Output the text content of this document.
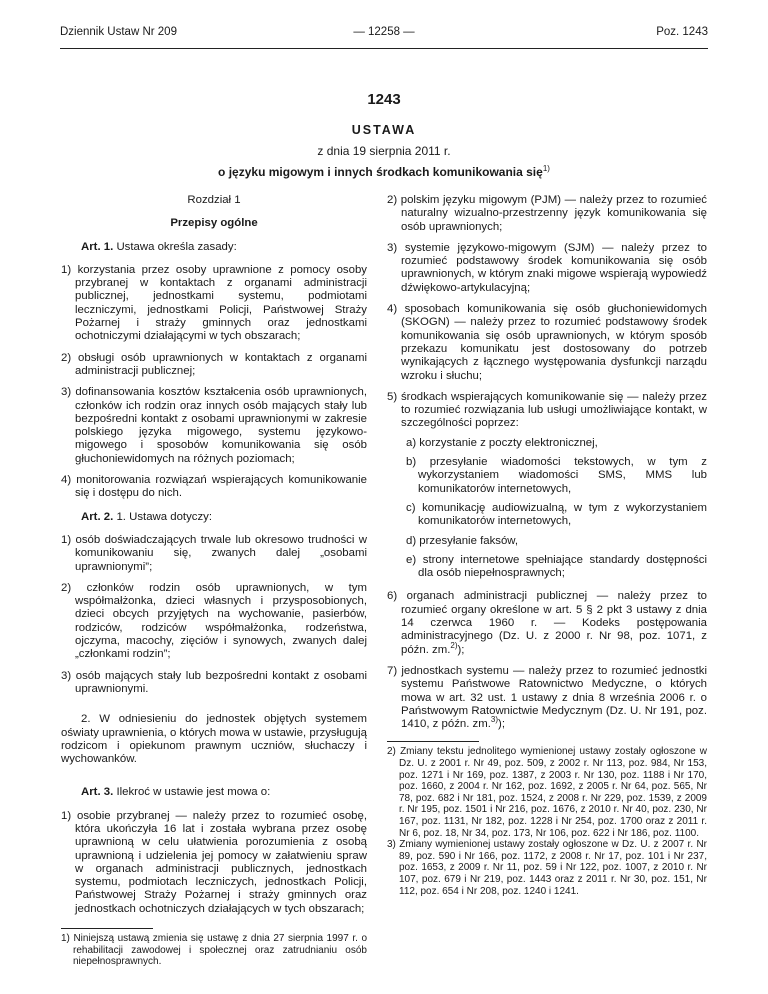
Dziennik Ustaw Nr 209	— 12258 —	Poz. 1243
1243
USTAWA
z dnia 19 sierpnia 2011 r.
o języku migowym i innych środkach komunikowania się$^{1)}$
Rozdział 1
Przepisy ogólne
Art. 1. Ustawa określa zasady:
1) korzystania przez osoby uprawnione z pomocy osoby przybranej w kontaktach z organami administracji publicznej, jednostkami systemu, podmiotami leczniczymi, jednostkami Policji, Państwowej Straży Pożarnej i straży gminnych oraz jednostkami ochotniczymi działającymi w tych obszarach;
2) obsługi osób uprawnionych w kontaktach z organami administracji publicznej;
3) dofinansowania kosztów kształcenia osób uprawnionych, członków ich rodzin oraz innych osób mających stały lub bezpośredni kontakt z osobami uprawnionymi w zakresie polskiego języka migowego, systemu językowo-migowego i sposobów komunikowania się osób głuchoniewidomych na różnych poziomach;
4) monitorowania rozwiązań wspierających komunikowanie się i dostępu do nich.
Art. 2. 1. Ustawa dotyczy:
1) osób doświadczających trwale lub okresowo trudności w komunikowaniu się, zwanych dalej „osobami uprawnionymi”;
2) członków rodzin osób uprawnionych, w tym współmałżonka, dzieci własnych i przysposobionych, dzieci obcych przyjętych na wychowanie, pasierbów, rodziców, rodziców współmałżonka, rodzeństwa, ojczyma, macochy, zięciów i synowych, zwanych dalej „członkami rodzin”;
3) osób mających stały lub bezpośredni kontakt z osobami uprawnionymi.
2. W odniesieniu do jednostek objętych systemem oświaty uprawnienia, o których mowa w ustawie, przysługują rodzicom i opiekunom prawnym uczniów, słuchaczy i wychowanków.
Art. 3. Ilekroć w ustawie jest mowa o:
1) osobie przybranej — należy przez to rozumieć osobę, która ukończyła 16 lat i została wybrana przez osobę uprawnioną w celu ułatwienia porozumienia z osobą uprawnioną i udzielenia jej pomocy w załatwieniu spraw w organach administracji publicznych, jednostkach systemu, podmiotach leczniczych, jednostkach Policji, Państwowej Straży Pożarnej i straży gminnych oraz jednostkach ochotniczych działających w tych obszarach;
1) Niniejszą ustawą zmienia się ustawę z dnia 27 sierpnia 1997 r. o rehabilitacji zawodowej i społecznej oraz zatrudnianiu osób niepełnosprawnych.
2) polskim języku migowym (PJM) — należy przez to rozumieć naturalny wizualno-przestrzenny język komunikowania się osób uprawnionych;
3) systemie językowo-migowym (SJM) — należy przez to rozumieć podstawowy środek komunikowania się osób uprawnionych, w którym znaki migowe wspierają wypowiedź dźwiękowo-artykulacyjną;
4) sposobach komunikowania się osób głuchoniewidomych (SKOGN) — należy przez to rozumieć podstawowy środek komunikowania się osób uprawnionych, w którym sposób przekazu komunikatu jest dostosowany do potrzeb wynikających z łącznego występowania dysfunkcji narządu wzroku i słuchu;
5) środkach wspierających komunikowanie się — należy przez to rozumieć rozwiązania lub usługi umożliwiające kontakt, w szczególności poprzez:
a) korzystanie z poczty elektronicznej,
b) przesyłanie wiadomości tekstowych, w tym z wykorzystaniem wiadomości SMS, MMS lub komunikatorów internetowych,
c) komunikację audiowizualną, w tym z wykorzystaniem komunikatorów internetowych,
d) przesyłanie faksów,
e) strony internetowe spełniające standardy dostępności dla osób niepełnosprawnych;
6) organach administracji publicznej — należy przez to rozumieć organy określone w art. 5 § 2 pkt 3 ustawy z dnia 14 czerwca 1960 r. — Kodeks postępowania administracyjnego (Dz. U. z 2000 r. Nr 98, poz. 1071, z późn. zm.$^{2)}$);
7) jednostkach systemu — należy przez to rozumieć jednostki systemu Państwowe Ratownictwo Medyczne, o których mowa w art. 32 ust. 1 ustawy z dnia 8 września 2006 r. o Państwowym Ratownictwie Medycznym (Dz. U. Nr 191, poz. 1410, z późn. zm.$^{3)}$);
2) Zmiany tekstu jednolitego wymienionej ustawy zostały ogłoszone w Dz. U. z 2001 r. Nr 49, poz. 509, z 2002 r. Nr 113, poz. 984, Nr 153, poz. 1271 i Nr 169, poz. 1387, z 2003 r. Nr 130, poz. 1188 i Nr 170, poz. 1660, z 2004 r. Nr 162, poz. 1692, z 2005 r. Nr 64, poz. 565, Nr 78, poz. 682 i Nr 181, poz. 1524, z 2008 r. Nr 229, poz. 1539, z 2009 r. Nr 195, poz. 1501 i Nr 216, poz. 1676, z 2010 r. Nr 40, poz. 230, Nr 167, poz. 1131, Nr 182, poz. 1228 i Nr 254, poz. 1700 oraz z 2011 r. Nr 6, poz. 18, Nr 34, poz. 173, Nr 106, poz. 622 i Nr 186, poz. 1100.
3) Zmiany wymienionej ustawy zostały ogłoszone w Dz. U. z 2007 r. Nr 89, poz. 590 i Nr 166, poz. 1172, z 2008 r. Nr 17, poz. 101 i Nr 237, poz. 1653, z 2009 r. Nr 11, poz. 59 i Nr 122, poz. 1007, z 2010 r. Nr 107, poz. 679 i Nr 219, poz. 1443 oraz z 2011 r. Nr 30, poz. 151, Nr 112, poz. 654 i Nr 208, poz. 1240 i 1241.
